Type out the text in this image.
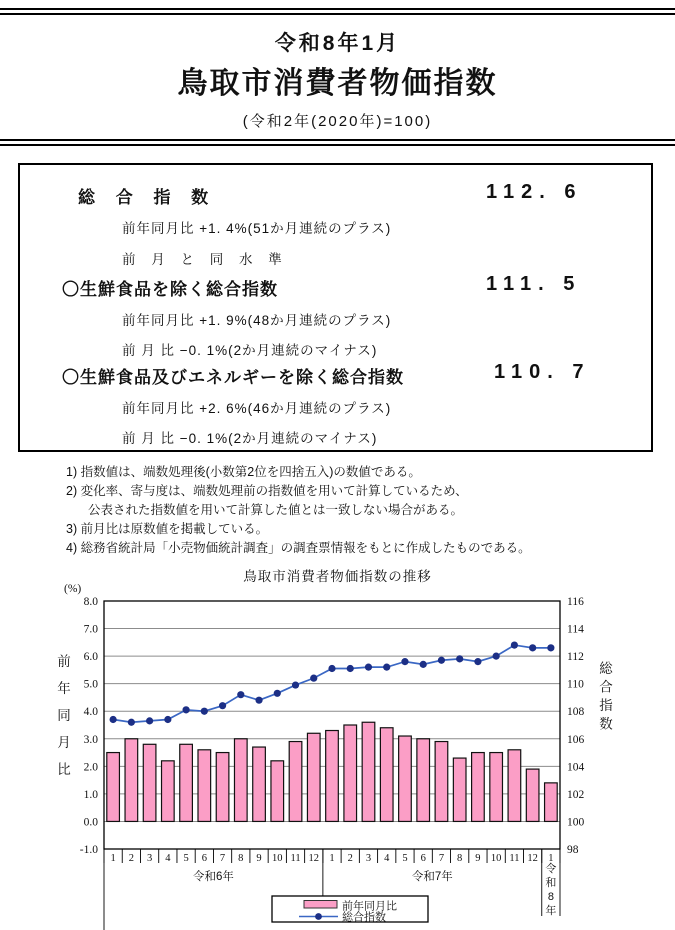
令和8年1月
鳥取市消費者物価指数
(令和2年(2020年)=100)
総 合 指 数	112. 6
前年同月比 +1. 4%(51か月連続のプラス)
前 月 と 同 水 準
〇生鮮食品を除く総合指数	111. 5
前年同月比 +1. 9%(48か月連続のプラス)
前 月 比 −0. 1%(2か月連続のマイナス)
〇生鮮食品及びエネルギーを除く総合指数	110. 7
前年同月比 +2. 6%(46か月連続のプラス)
前 月 比 −0. 1%(2か月連続のマイナス)
1) 指数値は、端数処理後(小数第2位を四捨五入)の数値である。
2) 変化率、寄与度は、端数処理前の指数値を用いて計算しているため、
公表された指数値を用いて計算した値とは一致しない場合がある。
3) 前月比は原数値を掲載している。
4) 総務省統計局「小売物価統計調査」の調査票情報をもとに作成したものである。
鳥取市消費者物価指数の推移
8.0
7.0
6.0
5.0
4.0
3.0
2.0
1.0
0.0
-1.0
116
114
112
110
108
106
104
102
100
98
(%)
前
年
同
月
比
総
合
指
数
1 2 3 4 5 6 7 8 9 10 11 12 1 2 3 4 5 6 7 8 9 10 11 12 1
令和6年	令和7年
令
和
8
年
前年同月比
総合指数
